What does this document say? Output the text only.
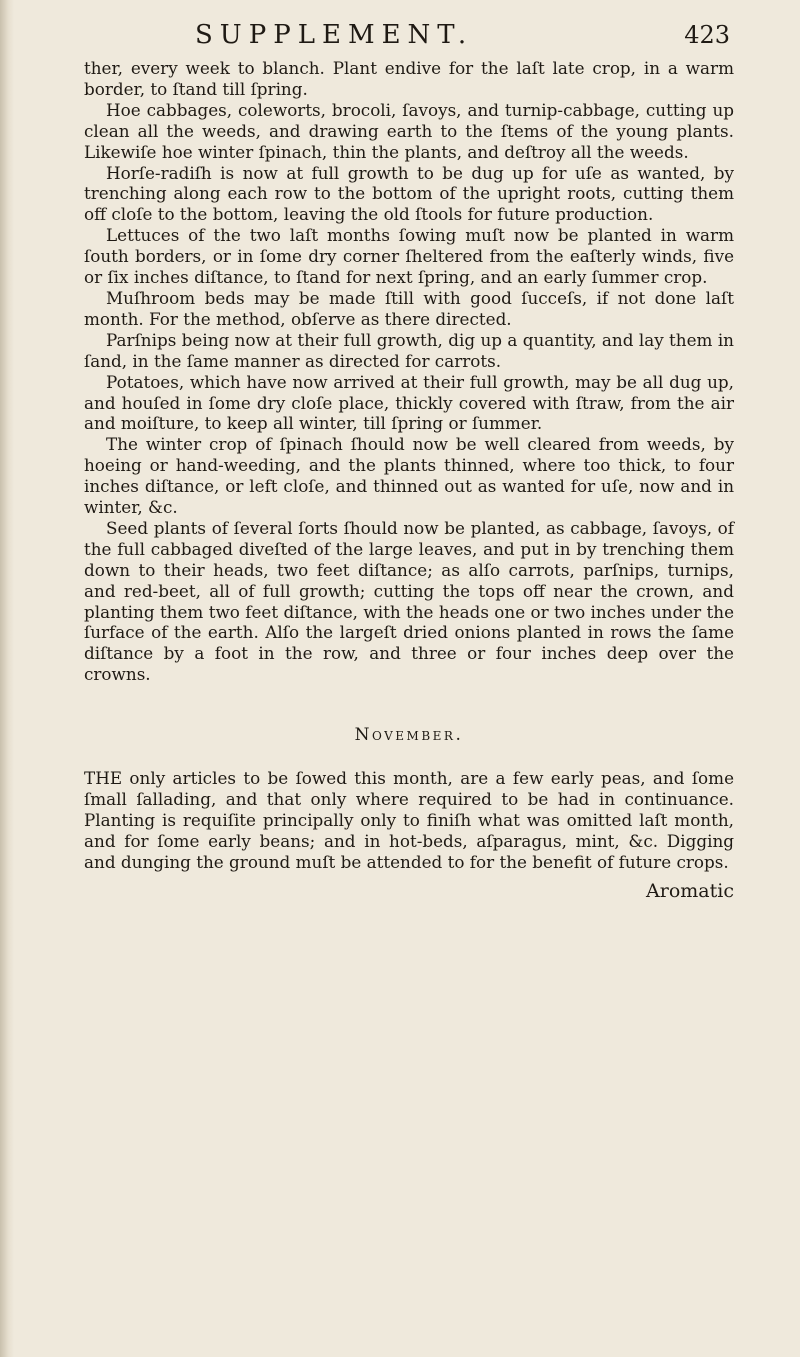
SUPPLEMENT.	423

ther, every week to blanch. Plant endive for the laſt late crop, in a warm border, to ſtand till ſpring.

Hoe cabbages, coleworts, brocoli, ſavoys, and turnip-cabbage, cutting up clean all the weeds, and drawing earth to the ſtems of the young plants. Likewiſe hoe winter ſpinach, thin the plants, and deſtroy all the weeds.

Horſe-radiſh is now at full growth to be dug up for uſe as wanted, by trenching along each row to the bottom of the upright roots, cutting them off cloſe to the bottom, leaving the old ſtools for future production.

Lettuces of the two laſt months ſowing muſt now be planted in warm ſouth borders, or in ſome dry corner ſheltered from the eaſterly winds, five or ſix inches diſtance, to ſtand for next ſpring, and an early ſummer crop.

Muſhroom beds may be made ſtill with good ſucceſs, if not done laſt month. For the method, obſerve as there directed.

Parſnips being now at their full growth, dig up a quantity, and lay them in ſand, in the ſame manner as directed for carrots.

Potatoes, which have now arrived at their full growth, may be all dug up, and houſed in ſome dry cloſe place, thickly covered with ſtraw, from the air and moiſture, to keep all winter, till ſpring or ſummer.

The winter crop of ſpinach ſhould now be well cleared from weeds, by hoeing or hand-weeding, and the plants thinned, where too thick, to four inches diſtance, or left cloſe, and thinned out as wanted for uſe, now and in winter, &c.

Seed plants of ſeveral ſorts ſhould now be planted, as cabbage, ſavoys, of the full cabbaged diveſted of the large leaves, and put in by trenching them down to their heads, two feet diſtance; as alſo carrots, parſnips, turnips, and red-beet, all of full growth; cutting the tops off near the crown, and planting them two feet diſtance, with the heads one or two inches under the ſurface of the earth. Alſo the largeſt dried onions planted in rows the ſame diſtance by a foot in the row, and three or four inches deep over the crowns.

November.

THE only articles to be ſowed this month, are a few early peas, and ſome ſmall ſallading, and that only where required to be had in continuance. Planting is requiſite principally only to finiſh what was omitted laſt month, and for ſome early beans; and in hot-beds, aſparagus, mint, &c. Digging and dunging the ground muſt be attended to for the benefit of future crops.

Aromatic
